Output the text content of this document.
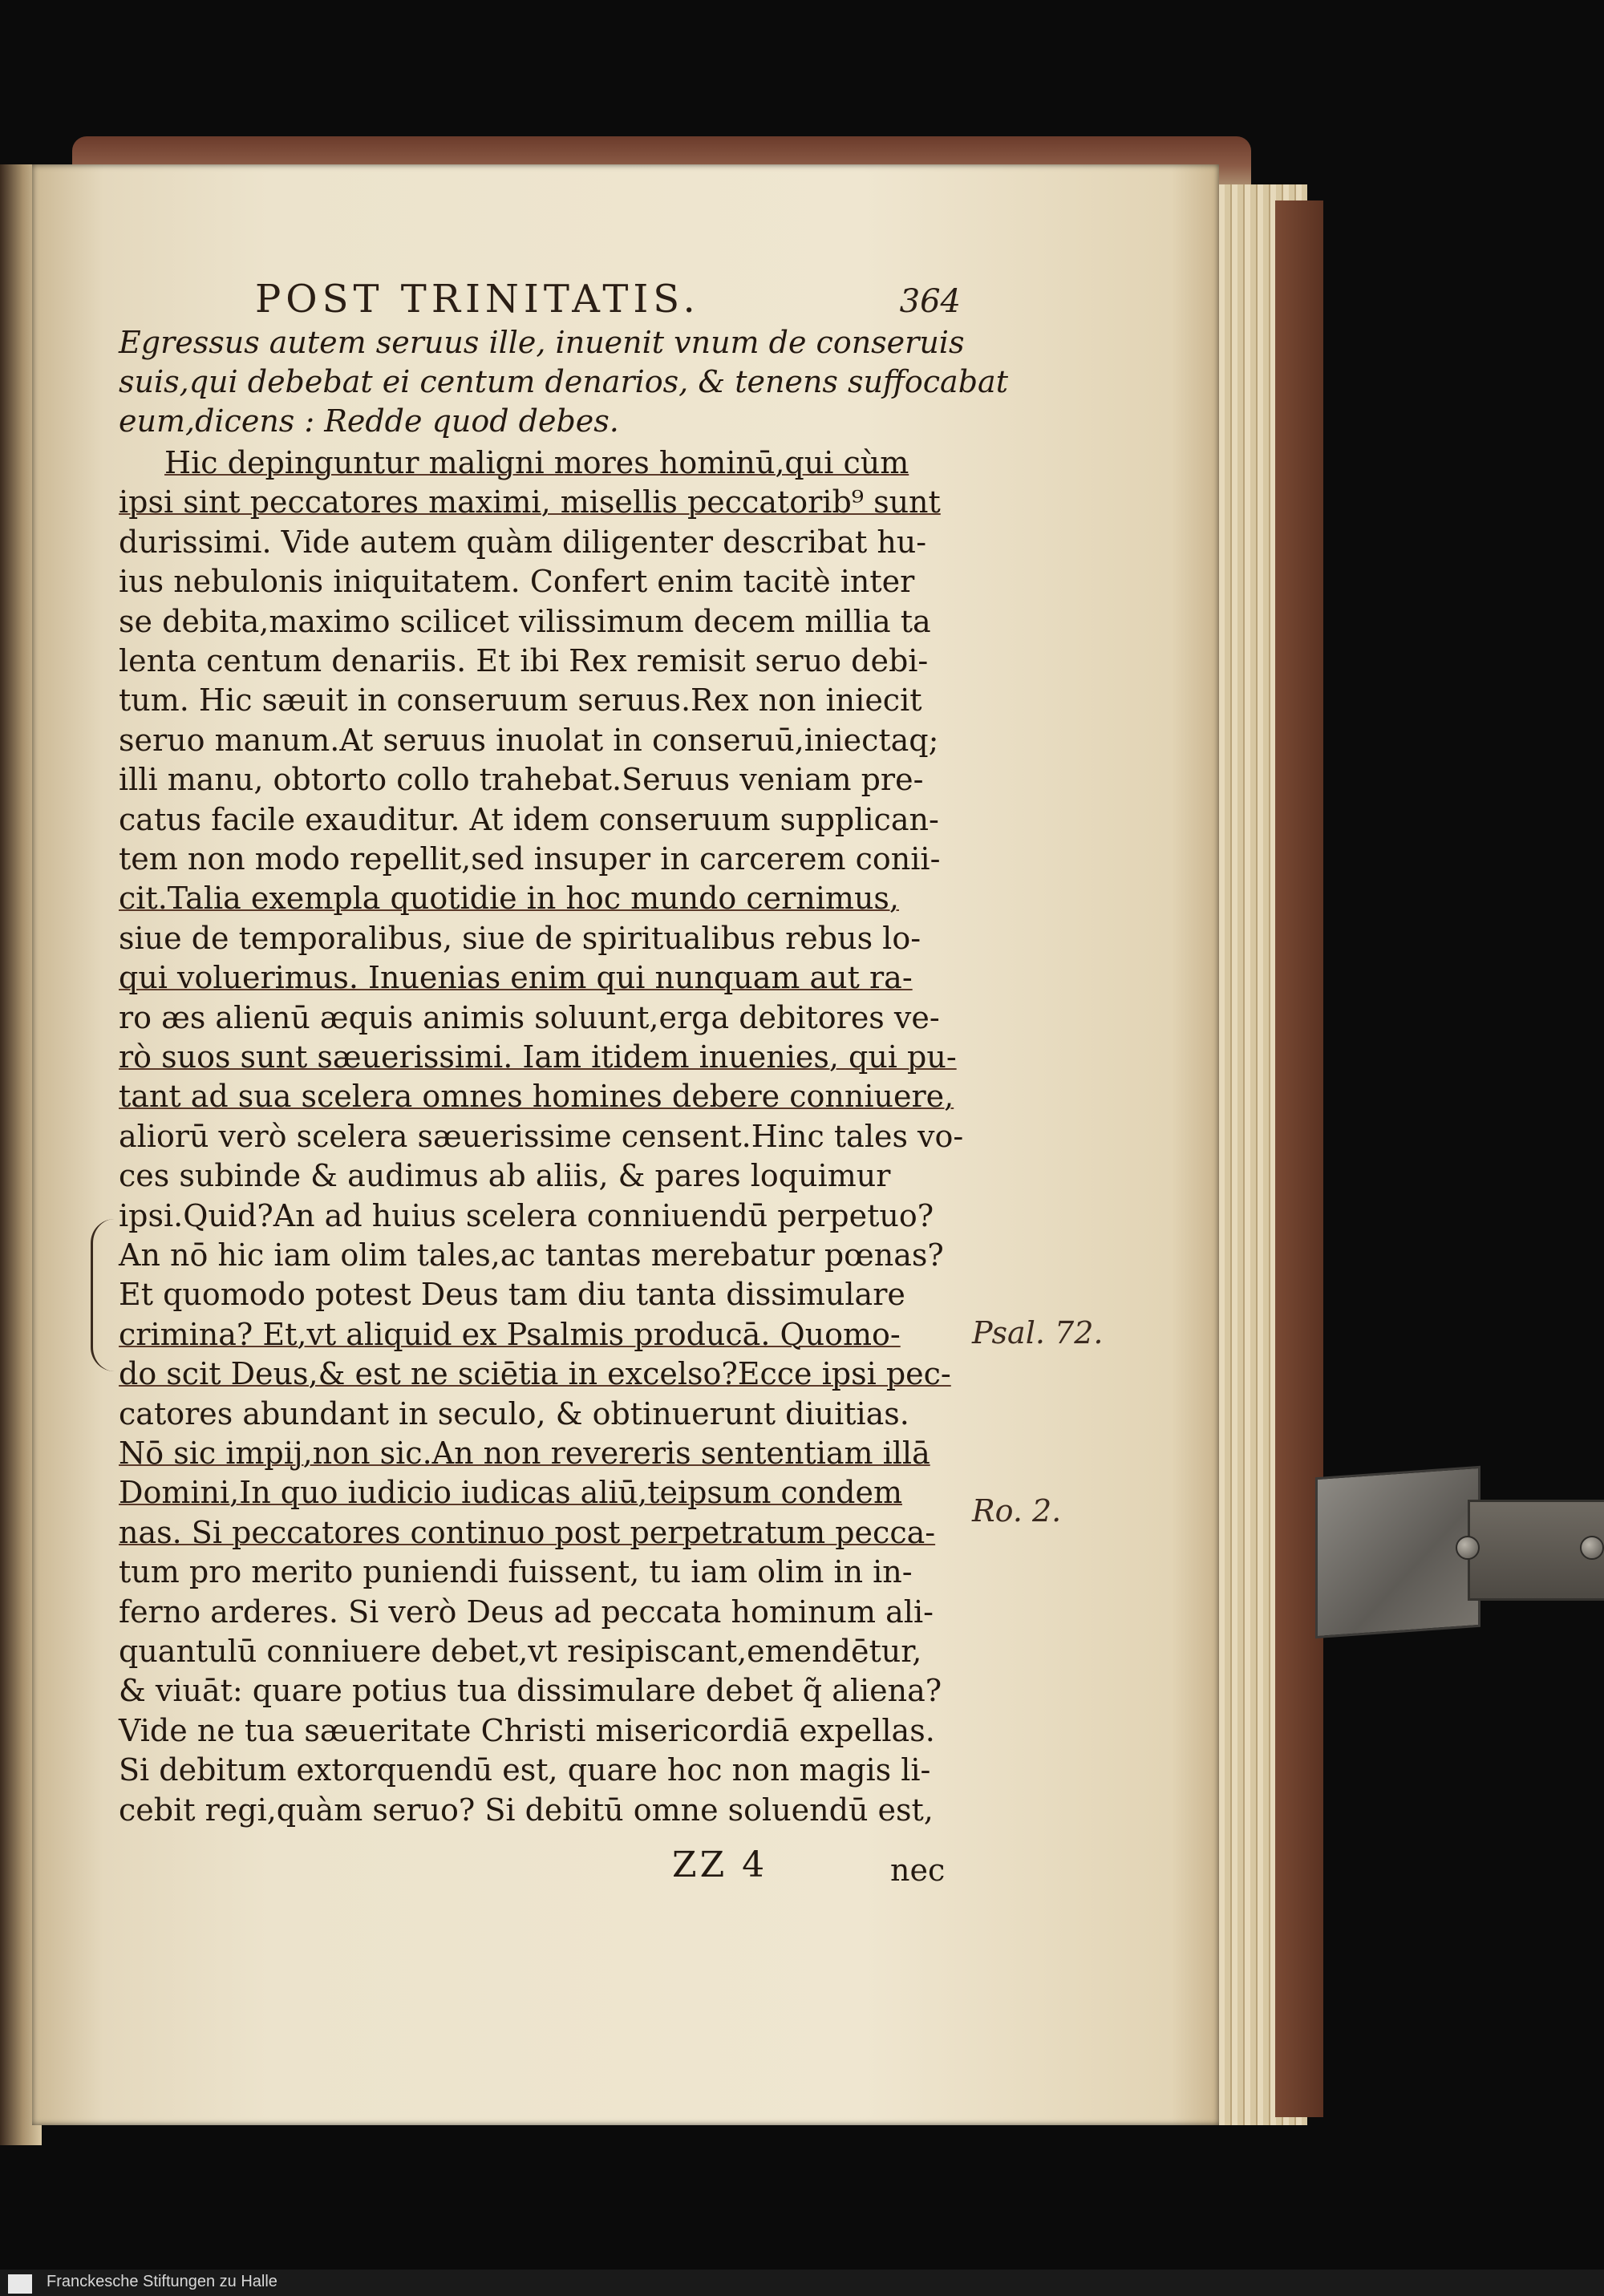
POST TRINITATIS.	364
Egressus autem seruus ille, inuenit vnum de conseruis
suis,qui debebat ei centum denarios, & tenens suffocabat
eum,dicens : Redde quod debes.
Hic depinguntur maligni mores hominū,qui cùm
ipsi sint peccatores maximi, misellis peccatorib⁹ sunt
durissimi. Vide autem quàm diligenter describat hu-
ius nebulonis iniquitatem. Confert enim tacitè inter
se debita,maximo scilicet vilissimum decem millia ta
lenta centum denariis. Et ibi Rex remisit seruo debi-
tum. Hic sæuit in conseruum seruus.Rex non iniecit
seruo manum.At seruus inuolat in conseruū,iniectaq;
illi manu, obtorto collo trahebat.Seruus veniam pre-
catus facile exauditur. At idem conseruum supplican-
tem non modo repellit,sed insuper in carcerem conii-
cit.Talia exempla quotidie in hoc mundo cernimus,
siue de temporalibus, siue de spiritualibus rebus lo-
qui voluerimus. Inuenias enim qui nunquam aut ra-
ro æs alienū æquis animis soluunt,erga debitores ve-
rò suos sunt sæuerissimi. Iam itidem inuenies, qui pu-
tant ad sua scelera omnes homines debere conniuere,
aliorū verò scelera sæuerissime censent.Hinc tales vo-
ces subinde & audimus ab aliis, & pares loquimur
ipsi.Quid?An ad huius scelera conniuendū perpetuo?
An nō hic iam olim tales,ac tantas merebatur pœnas?
Et quomodo potest Deus tam diu tanta dissimulare
crimina? Et,vt aliquid ex Psalmis producā. Quomo-
do scit Deus,& est ne sciētia in excelso?Ecce ipsi pec-
catores abundant in seculo, & obtinuerunt diuitias.
Nō sic impij,non sic.An non revereris sententiam illā
Domini,In quo iudicio iudicas aliū,teipsum condem
nas. Si peccatores continuo post perpetratum pecca-
tum pro merito puniendi fuissent, tu iam olim in in-
ferno arderes. Si verò Deus ad peccata hominum ali-
quantulū conniuere debet,vt resipiscant,emendētur,
& viuāt: quare potius tua dissimulare debet q̃ aliena?
Vide ne tua sæueritate Christi misericordiā expellas.
Si debitum extorquendū est, quare hoc non magis li-
cebit regi,quàm seruo? Si debitū omne soluendū est,
Psal. 72.
Ro. 2.
ZZ 4	nec
Franckesche Stiftungen zu Halle
